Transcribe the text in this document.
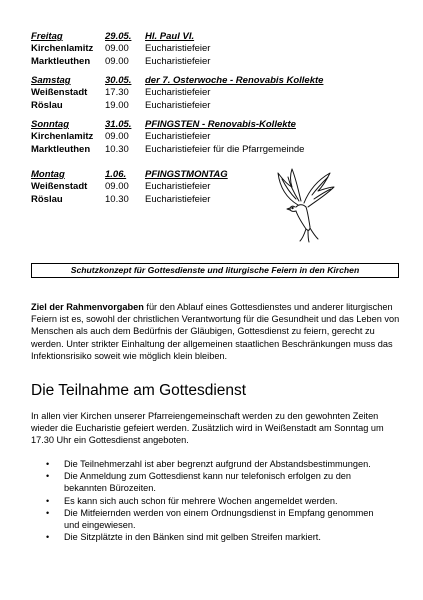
Freitag	29.05.	Hl. Paul VI.
Kirchenlamitz	09.00	Eucharistiefeier
Marktleuthen	09.00	Eucharistiefeier
Samstag	30.05.	der 7. Osterwoche - Renovabis Kollekte
Weißenstadt	17.30	Eucharistiefeier
Röslau	19.00	Eucharistiefeier
Sonntag	31.05.	PFINGSTEN - Renovabis-Kollekte
Kirchenlamitz	09.00	Eucharistiefeier
Marktleuthen	10.30	Eucharistiefeier für die Pfarrgemeinde
Montag	1.06.	PFINGSTMONTAG
Weißenstadt	09.00	Eucharistiefeier
Röslau	10.30	Eucharistiefeier
Schutzkonzept für Gottesdienste und liturgische Feiern in den Kirchen

Ziel der Rahmenvorgaben für den Ablauf eines Gottesdienstes und anderer liturgischen Feiern ist es, sowohl der christlichen Verantwortung für die Gesundheit und das Leben von Menschen als auch dem Bedürfnis der Gläubigen, Gottesdienst zu feiern, gerecht zu werden. Unter strikter Einhaltung der allgemeinen staatlichen Beschränkungen muss das Infektionsrisiko soweit wie möglich klein bleiben.

Die Teilnahme am Gottesdienst

In allen vier Kirchen unserer Pfarreiengemeinschaft werden zu den gewohnten Zeiten wieder die Eucharistie gefeiert werden. Zusätzlich wird in Weißenstadt am Sonntag um 17.30 Uhr ein Gottesdienst angeboten.

•	Die Teilnehmerzahl ist aber begrenzt aufgrund der Abstandsbestimmungen.
•	Die Anmeldung zum Gottesdienst kann nur telefonisch erfolgen zu den bekannten Bürozeiten.
•	Es kann sich auch schon für mehrere Wochen angemeldet werden.
•	Die Mitfeiernden werden von einem Ordnungsdienst in Empfang genommen und eingewiesen.
•	Die Sitzplätzte in den Bänken sind mit gelben Streifen markiert.
